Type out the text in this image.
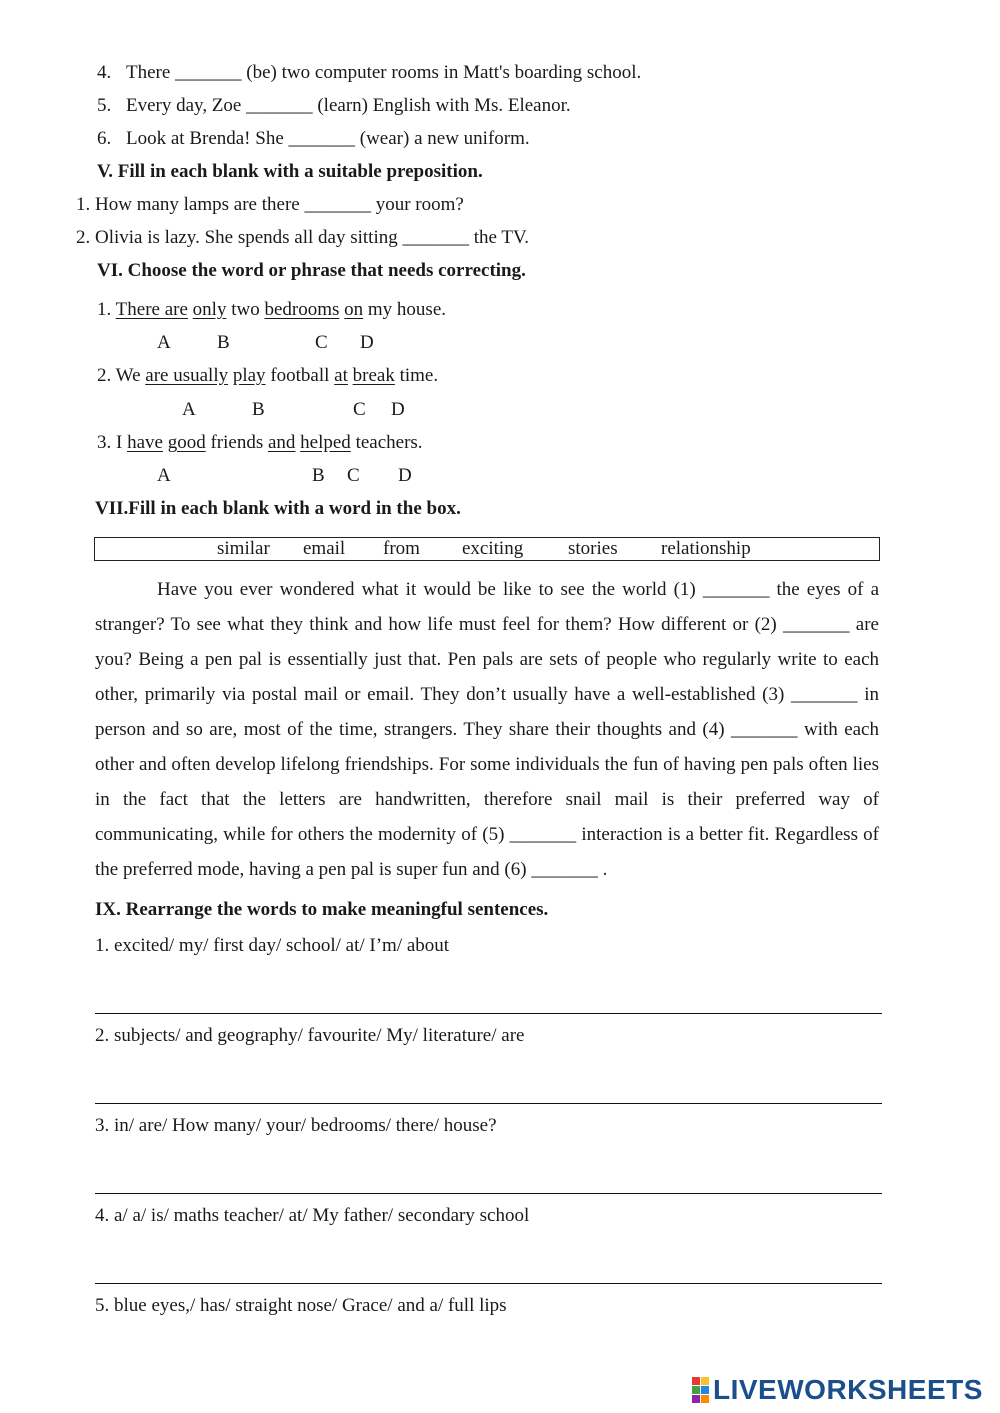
4. There _______ (be) two computer rooms in Matt's boarding school.
5. Every day, Zoe _______ (learn) English with Ms. Eleanor.
6. Look at Brenda! She _______ (wear) a new uniform.
V. Fill in each blank with a suitable preposition.
1. How many lamps are there _______ your room?
2. Olivia is lazy. She spends all day sitting _______ the TV.
VI. Choose the word or phrase that needs correcting.
1. There are only two bedrooms on my house.
A B	C D
2. We are usually play football at break time.
A	B	C D
3. I have good friends and helped teachers.
A	B C D
VII.Fill in each blank with a word in the box.
similar email from exciting stories relationship

Have you ever wondered what it would be like to see the world (1) _______ the eyes of a stranger? To see what they think and how life must feel for them? How different or (2) _______ are you? Being a pen pal is essentially just that. Pen pals are sets of people who regularly write to each other, primarily via postal mail or email. They don’t usually have a well-established (3) _______ in person and so are, most of the time, strangers. They share their thoughts and (4) _______ with each other and often develop lifelong friendships. For some individuals the fun of having pen pals often lies in the fact that the letters are handwritten, therefore snail mail is their preferred way of communicating, while for others the modernity of (5) _______ interaction is a better fit. Regardless of the preferred mode, having a pen pal is super fun and (6) _______ .

IX. Rearrange the words to make meaningful sentences.
1. excited/ my/ first day/ school/ at/ I’m/ about
2. subjects/ and geography/ favourite/ My/ literature/ are
3. in/ are/ How many/ your/ bedrooms/ there/ house?
4. a/ a/ is/ maths teacher/ at/ My father/ secondary school
5. blue eyes,/ has/ straight nose/ Grace/ and a/ full lips
LIVEWORKSHEETS
